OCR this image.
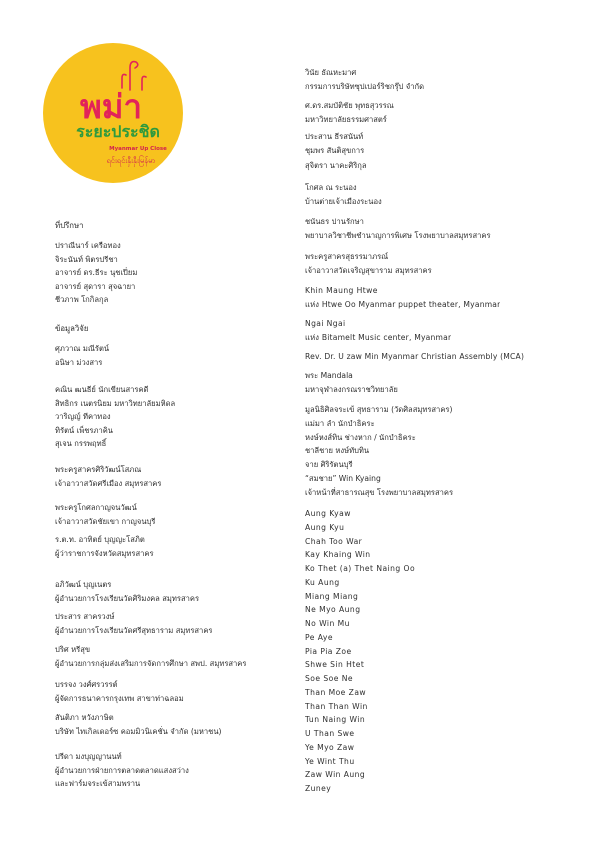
พม่า
ระยะประชิด
Myanmar Up Close
ရင်းရင်းနှီးနှီးမြန်မာ
ที่ปรึกษา
ปราณีนาร์ เครือทอง
จิระนันท์ พิตรปรีชา
อาจารย์ ดร.ธีระ นุชเปี่ยม
อาจารย์ สุดารา สุจฉายา
ชีวภาพ โกกิลกุล
ข้อมูลวิจัย
ศุภวาณ มณีรัตน์
อนิษา ม่วงสาร
คณิน ฒนธีย์ นักเขียนสารคดี
สิทธิกร เนตรนิยม มหาวิทยาลัยมหิดล
วาริญญ์ ทีคาทอง
ทิรัตน์ เพ็ชรภาคิน
สุเจน กรรพฤทธิ์
พระครูสาครศิริวัฒน์โสภณ
เจ้าอาวาสวัดศรีเมือง สมุทรสาคร
พระครูโกศลกาญจนวัฒน์
เจ้าอาวาสวัดชัยเขา กาญจนบุรี
ร.ต.ท. อาทิตย์ บุญญะโสภิต
ผู้ว่าราชการจังหวัดสมุทรสาคร
อภิวัฒน์ บุญเนตร
ผู้อำนวยการโรงเรียนวัดศิริมงคล สมุทรสาคร
ประสาร สาครวงษ์
ผู้อำนวยการโรงเรียนวัดศรีสุทธาราม สมุทรสาคร
ปริศ หรีสุข
ผู้อำนวยการกลุ่มส่งเสริมการจัดการศึกษา สพป. สมุทรสาคร
บรรจง วงศ์ศรวรรต์
ผู้จัดการธนาคารกรุงเทพ สาขาท่าฉลอม
สันติภา หวังภาษิต
บริษัท ไทเกิลเดอร์ซ คอมมิวนิเคชั่น จำกัด (มหาชน)
ปรีดา มงบุญญานนท์
ผู้อำนวยการฝ่ายการตลาดตลาดแสงสว่าง
และฟาร์มจระเข้สามพราน
วินัย ธัณหะมาศ
กรรมการบริษัทซุปเปอร์ริชกรุ๊ป จำกัด
ศ.ดร.สมบัติชัย พุทธสุวรรณ
มหาวิทยาลัยธรรมศาสตร์
ประสาน ธีรสนันท์
ชุมพร สันติสุขการ
สุจิตรา นาคะศิริกุล
โกศล ณ ระนอง
บ้านต่ายเจ้าเมืองระนอง
ชนันธร ปานรักษา
พยาบาลวิชาชีพชำนาญการพิเศษ โรงพยาบาลสมุทรสาคร
พระครูสาครสุธรรมาภรณ์
เจ้าอาวาสวัดเจริญสุขาราม สมุทรสาคร
Khin Maung Htwe
แห่ง Htwe Oo Myanmar puppet theater, Myanmar
Ngai Ngai
แห่ง Bitamelt Music center, Myanmar
Rev. Dr. U zaw Min Myanmar Christian Assembly (MCA)
พระ Mandala
มหาจุฬาลงกรณราชวิทยาลัย
มูลนิธิศิลจระเข้ สุทธาราม (วัดศิลสมุทรสาคร)
แม่มา ลำ นักบำธิคระ
หงษ์หงส์ทิน ช่างหาก / นักบำธิคระ
ชาลีชาย หงษ์ทับทิน
จาย ศิริรัตนบุรี
“สมชาย” Win Kyaing
เจ้าหน้าที่สาธารณสุข โรงพยาบาลสมุทรสาคร
Aung Kyaw
Aung Kyu
Chah Too War
Kay Khaing Win
Ko Thet (a) Thet Naing Oo
Ku Aung
Miang Miang
Ne Myo Aung
No Win Mu
Pe Aye
Pia Pia Zoe
Shwe Sin Htet
Soe Soe Ne
Than Moe Zaw
Than Than Win
Tun Naing Win
U Than Swe
Ye Myo Zaw
Ye Wint Thu
Zaw Win Aung
Zuney
